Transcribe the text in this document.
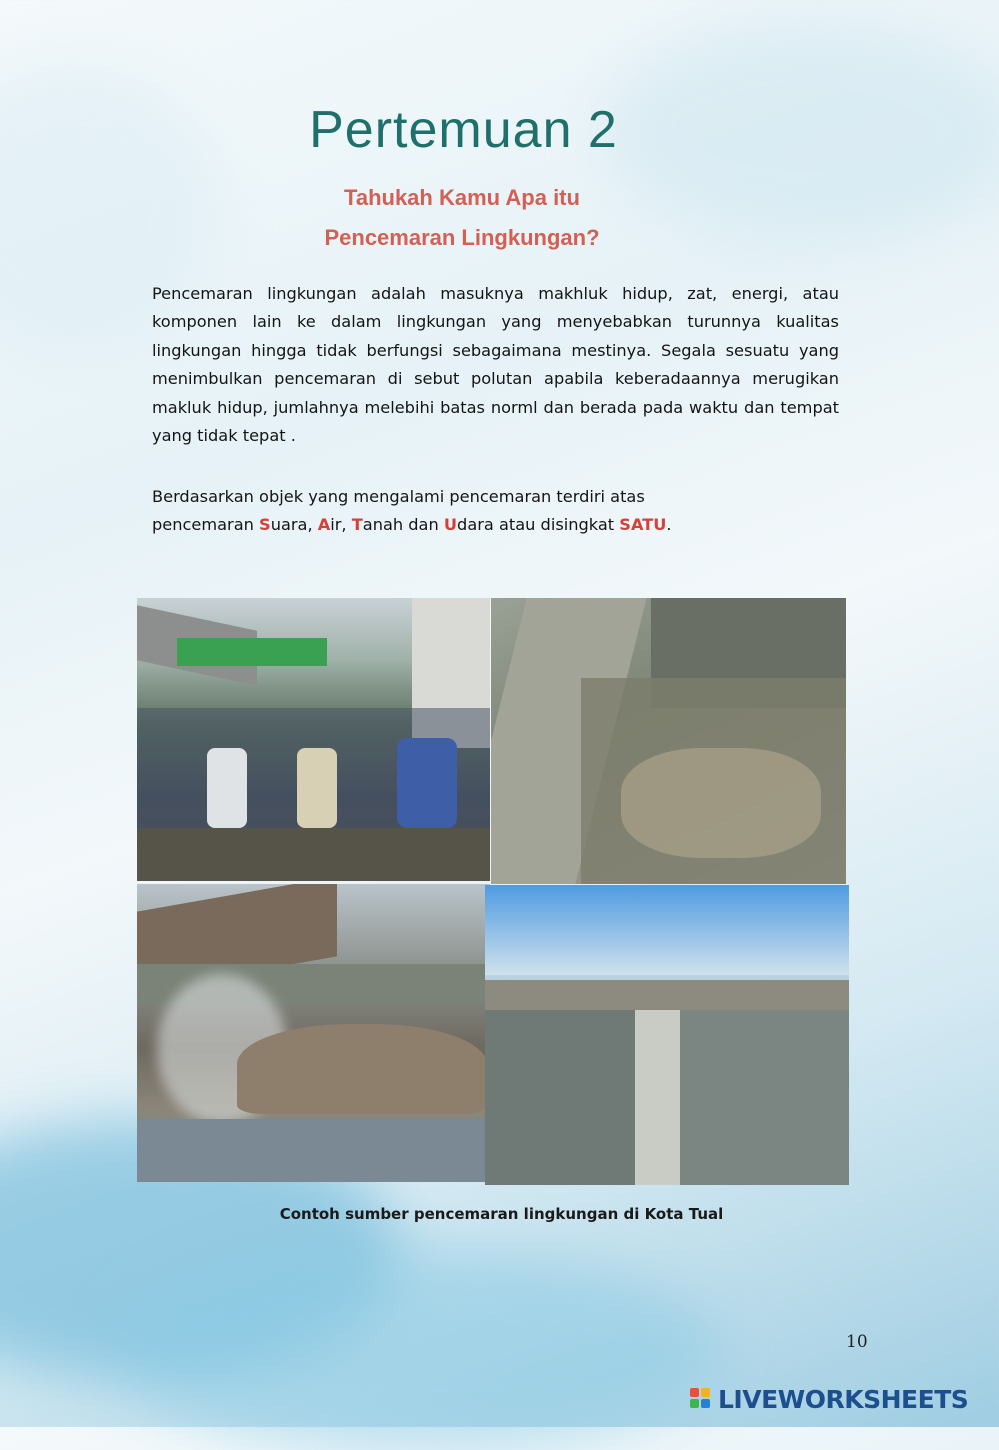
Pertemuan 2
Tahukah Kamu Apa itu
Pencemaran Lingkungan?
Pencemaran lingkungan adalah masuknya makhluk hidup, zat, energi, atau komponen lain ke dalam lingkungan yang menyebabkan turunnya kualitas lingkungan hingga tidak berfungsi sebagaimana mestinya. Segala sesuatu yang menimbulkan pencemaran di sebut polutan apabila keberadaannya merugikan makluk hidup, jumlahnya melebihi batas norml dan berada pada waktu dan tempat yang tidak tepat .
Berdasarkan objek yang mengalami pencemaran terdiri atas
pencemaran Suara, Air, Tanah dan Udara atau disingkat SATU.
Contoh sumber pencemaran lingkungan di Kota Tual
10
LIVEWORKSHEETS
